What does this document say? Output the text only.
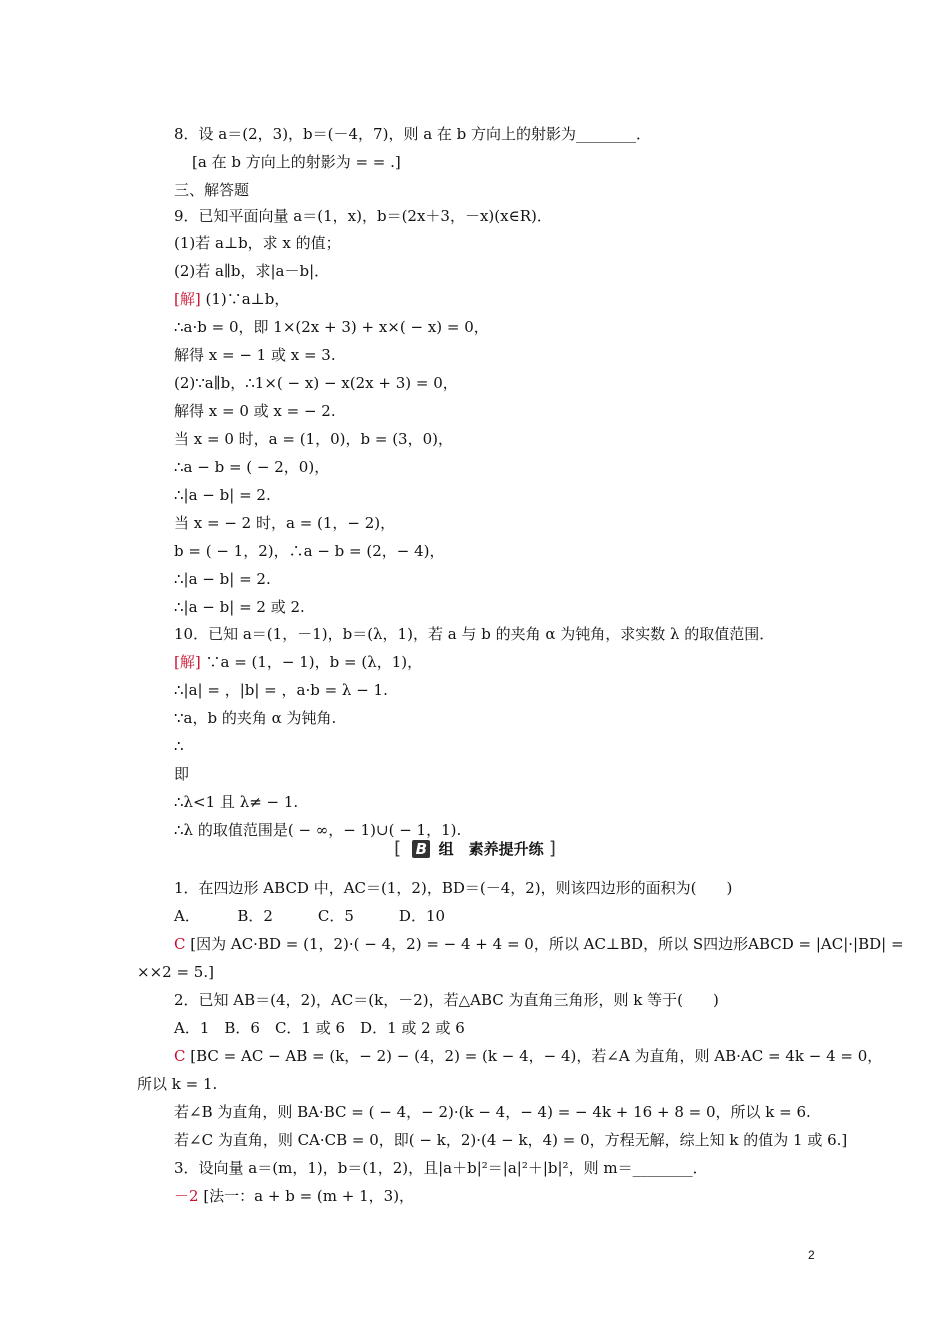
8．设 a＝(2，3)，b＝(－4，7)，则 a 在 b 方向上的射影为________．
[a 在 b 方向上的射影为 = = .]
三、解答题
9．已知平面向量 a＝(1，x)，b＝(2x＋3，－x)(x∈R)．
(1)若 a⊥b，求 x 的值；
(2)若 a∥b，求|a－b|．
[解] (1)∵a⊥b，
∴a·b = 0，即 1×(2x + 3) + x×( − x) = 0，
解得 x = − 1 或 x = 3.
(2)∵a∥b，∴1×( − x) − x(2x + 3) = 0，
解得 x = 0 或 x = − 2.
当 x = 0 时，a = (1，0)，b = (3，0)，
∴a − b = ( − 2，0)，
∴|a − b| = 2.
当 x = − 2 时，a = (1，− 2)，
b = ( − 1，2)，∴a − b = (2，− 4)，
∴|a − b| = 2.
∴|a − b| = 2 或 2.
10．已知 a＝(1，－1)，b＝(λ，1)，若 a 与 b 的夹角 α 为钝角，求实数 λ 的取值范围．
[解] ∵a = (1，− 1)，b = (λ，1)，
∴|a| = ，|b| = ，a·b = λ − 1.
∵a，b 的夹角 α 为钝角.
∴
即
∴λ<1 且 λ≠ − 1.
∴λ 的取值范围是( − ∞，− 1)∪( − 1，1).
1．在四边形 ABCD 中，AC＝(1，2)，BD＝(－4，2)，则该四边形的面积为(　　)
A．　　　B．2　　　C．5　　　D．10
C [因为 AC·BD = (1，2)·( − 4，2) = − 4 + 4 = 0，所以 AC⊥BD，所以 S四边形ABCD = |AC|·|BD| =
××2 = 5.]
2．已知 AB＝(4，2)，AC＝(k，－2)，若△ABC 为直角三角形，则 k 等于(　　)
A．1　B．6　C．1 或 6　D．1 或 2 或 6
C [BC = AC − AB = (k，− 2) − (4，2) = (k − 4，− 4)，若∠A 为直角，则 AB·AC = 4k − 4 = 0，
所以 k = 1.
若∠B 为直角，则 BA·BC = ( − 4，− 2)·(k − 4，− 4) = − 4k + 16 + 8 = 0，所以 k = 6.
若∠C 为直角，则 CA·CB = 0，即( − k，2)·(4 − k，4) = 0，方程无解，综上知 k 的值为 1 或 6.]
3．设向量 a＝(m，1)，b＝(1，2)，且|a＋b|²＝|a|²＋|b|²，则 m＝________．
－2 [法一：a + b = (m + 1，3)，
[ B 组　素养提升练 ]
2
